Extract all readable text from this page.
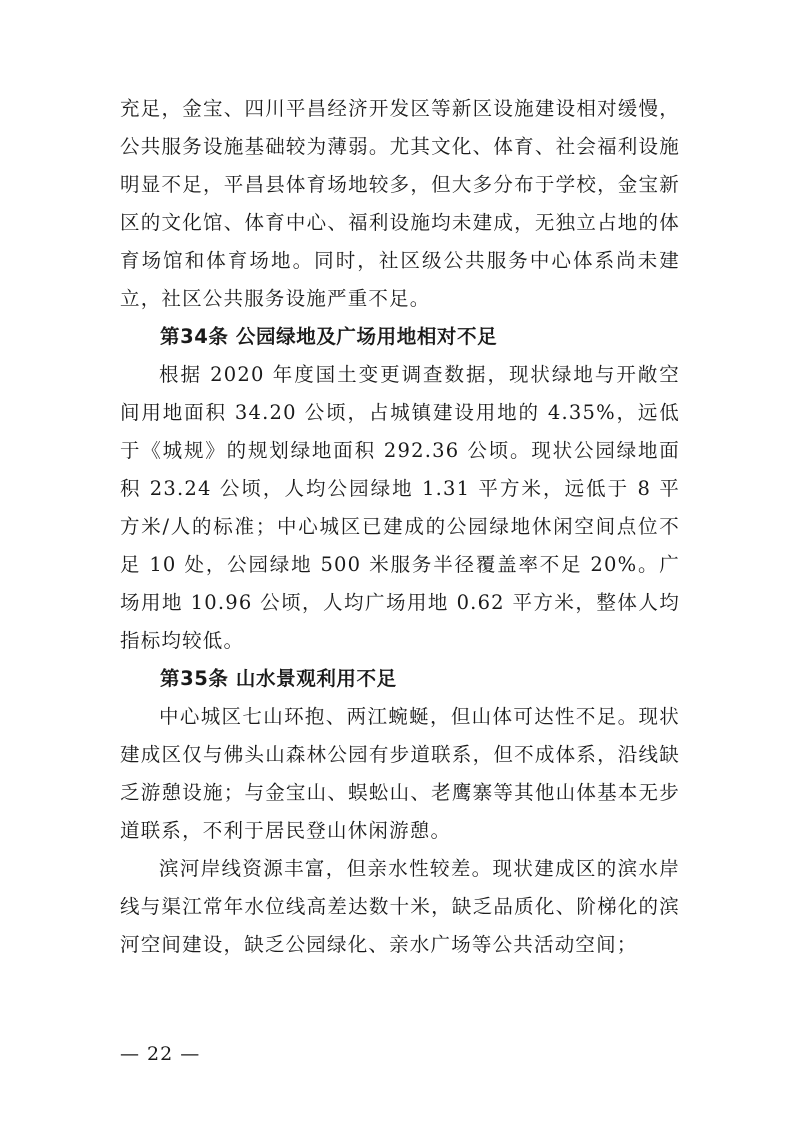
充足，金宝、四川平昌经济开发区等新区设施建设相对缓慢，公共服务设施基础较为薄弱。尤其文化、体育、社会福利设施明显不足，平昌县体育场地较多，但大多分布于学校，金宝新区的文化馆、体育中心、福利设施均未建成，无独立占地的体育场馆和体育场地。同时，社区级公共服务中心体系尚未建立，社区公共服务设施严重不足。

第34条 公园绿地及广场用地相对不足

根据 2020 年度国土变更调查数据，现状绿地与开敞空间用地面积 34.20 公顷，占城镇建设用地的 4.35%，远低于《城规》的规划绿地面积 292.36 公顷。现状公园绿地面积 23.24 公顷，人均公园绿地 1.31 平方米，远低于 8 平方米/人的标准；中心城区已建成的公园绿地休闲空间点位不足 10 处，公园绿地 500 米服务半径覆盖率不足 20%。广场用地 10.96 公顷，人均广场用地 0.62 平方米，整体人均指标均较低。

第35条 山水景观利用不足

中心城区七山环抱、两江蜿蜒，但山体可达性不足。现状建成区仅与佛头山森林公园有步道联系，但不成体系，沿线缺乏游憩设施；与金宝山、蜈蚣山、老鹰寨等其他山体基本无步道联系，不利于居民登山休闲游憩。

滨河岸线资源丰富，但亲水性较差。现状建成区的滨水岸线与渠江常年水位线高差达数十米，缺乏品质化、阶梯化的滨河空间建设，缺乏公园绿化、亲水广场等公共活动空间；

— 22 —
